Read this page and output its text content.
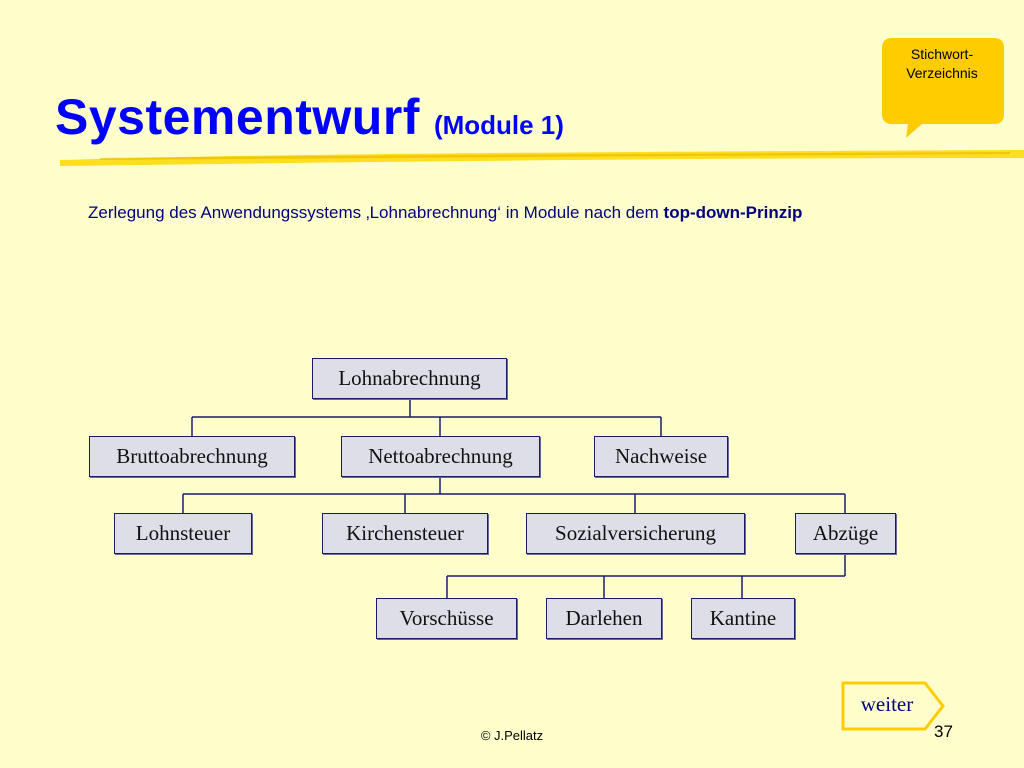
Systementwurf (Module 1)
Zerlegung des Anwendungssystems ‚Lohnabrechnung‘ in Module nach dem top-down-Prinzip
Stichwort-
Verzeichnis
Lohnabrechnung
Bruttoabrechnung	Nettoabrechnung	Nachweise
Lohnsteuer	Kirchensteuer	Sozialversicherung	Abzüge
Vorschüsse	Darlehen	Kantine
weiter
© J.Pellatz	37
